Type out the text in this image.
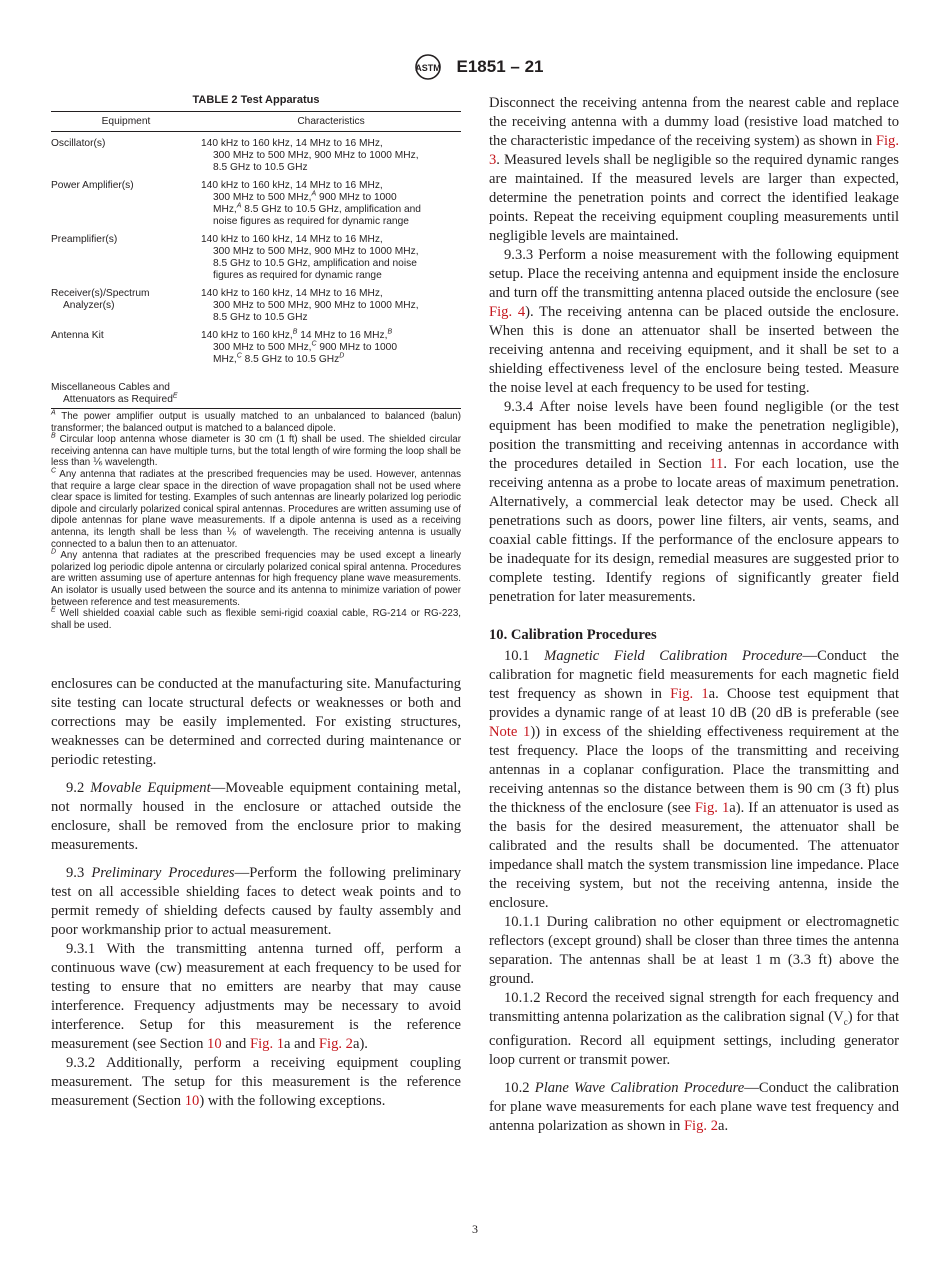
ASTM E1851 – 21
TABLE 2 Test Apparatus
Equipment	Characteristics
Oscillator(s)	140 kHz to 160 kHz, 14 MHz to 16 MHz,
300 MHz to 500 MHz, 900 MHz to 1000 MHz,
8.5 GHz to 10.5 GHz

Power Amplifier(s)	140 kHz to 160 kHz, 14 MHz to 16 MHz,
300 MHz to 500 MHz,$^A$ 900 MHz to 1000
MHz,$^A$ 8.5 GHz to 10.5 GHz, amplification and
noise figures as required for dynamic range

Preamplifier(s)	140 kHz to 160 kHz, 14 MHz to 16 MHz,
300 MHz to 500 MHz, 900 MHz to 1000 MHz,
8.5 GHz to 10.5 GHz, amplification and noise
figures as required for dynamic range

Receiver(s)/Spectrum
Analyzer(s)	140 kHz to 160 kHz, 14 MHz to 16 MHz,
300 MHz to 500 MHz, 900 MHz to 1000 MHz,
8.5 GHz to 10.5 GHz

Antenna Kit	140 kHz to 160 kHz,$^B$ 14 MHz to 16 MHz,$^B$
300 MHz to 500 MHz,$^C$ 900 MHz to 1000
MHz,$^C$ 8.5 GHz to 10.5 GHz$^D$

Miscellaneous Cables and
Attenuators as Required$^E$

$^A$ The power amplifier output is usually matched to an unbalanced to balanced (balun) transformer; the balanced output is matched to a balanced dipole.

$^B$ Circular loop antenna whose diameter is 30 cm (1 ft) shall be used. The shielded circular receiving antenna can have multiple turns, but the total length of wire forming the loop shall be less than ⅙ wavelength.

$^C$ Any antenna that radiates at the prescribed frequencies may be used. However, antennas that require a large clear space in the direction of wave propagation shall not be used where clear space is limited for testing. Examples of such antennas are linearly polarized log periodic dipole and circularly polarized conical spiral antennas. Procedures are written assuming use of dipole antennas for plane wave measurements. If a dipole antenna is used as a receiving antenna, its length shall be less than ⅙ of wavelength. The receiving antenna is usually connected to a balun then to an attenuator.

$^D$ Any antenna that radiates at the prescribed frequencies may be used except a linearly polarized log periodic dipole antenna or circularly polarized conical spiral antenna. Procedures are written assuming use of aperture antennas for high frequency plane wave measurements. An isolator is usually used between the source and its antenna to minimize variation of power between reference and test measurements.

$^E$ Well shielded coaxial cable such as flexible semi-rigid coaxial cable, RG-214 or RG-223, shall be used.

enclosures can be conducted at the manufacturing site. Manufacturing site testing can locate structural defects or weaknesses or both and corrections may be easily implemented. For existing structures, weaknesses can be determined and corrected during maintenance or periodic retesting.

9.2 Movable Equipment—Moveable equipment containing metal, not normally housed in the enclosure or attached outside the enclosure, shall be removed from the enclosure prior to making measurements.

9.3 Preliminary Procedures—Perform the following preliminary test on all accessible shielding faces to detect weak points and to permit remedy of shielding defects caused by faulty assembly and poor workmanship prior to actual measurement.

9.3.1 With the transmitting antenna turned off, perform a continuous wave (cw) measurement at each frequency to be used for testing to ensure that no emitters are nearby that may cause interference. Frequency adjustments may be necessary to avoid interference. Setup for this measurement is the reference measurement (see Section 10 and Fig. 1a and Fig. 2a).

9.3.2 Additionally, perform a receiving equipment coupling measurement. The setup for this measurement is the reference measurement (Section 10) with the following exceptions.

Disconnect the receiving antenna from the nearest cable and replace the receiving antenna with a dummy load (resistive load matched to the characteristic impedance of the receiving system) as shown in Fig. 3. Measured levels shall be negligible so the required dynamic ranges are maintained. If the measured levels are larger than expected, determine the penetration points and correct the identified leakage points. Repeat the receiving equipment coupling measurements until negligible levels are maintained.

9.3.3 Perform a noise measurement with the following equipment setup. Place the receiving antenna and equipment inside the enclosure and turn off the transmitting antenna placed outside the enclosure (see Fig. 4). The receiving antenna can be placed outside the enclosure. When this is done an attenuator shall be inserted between the receiving antenna and receiving equipment, and it shall be set to a shielding effectiveness level of the enclosure being tested. Measure the noise level at each frequency to be used for testing.

9.3.4 After noise levels have been found negligible (or the test equipment has been modified to make the penetration negligible), position the transmitting and receiving antennas in accordance with the procedures detailed in Section 11. For each location, use the receiving antenna as a probe to locate areas of maximum penetration. Alternatively, a commercial leak detector may be used. Check all penetrations such as doors, power line filters, air vents, seams, and coaxial cable fittings. If the performance of the enclosure appears to be inadequate for its design, remedial measures are suggested prior to complete testing. Identify regions of significantly greater field penetration for later measurements.

10. Calibration Procedures

10.1 Magnetic Field Calibration Procedure—Conduct the calibration for magnetic field measurements for each magnetic field test frequency as shown in Fig. 1a. Choose test equipment that provides a dynamic range of at least 10 dB (20 dB is preferable (see Note 1)) in excess of the shielding effectiveness requirement at the test frequency. Place the loops of the transmitting and receiving antennas in a coplanar configuration. Place the transmitting and receiving antennas so the distance between them is 90 cm (3 ft) plus the thickness of the enclosure (see Fig. 1a). If an attenuator is used as the basis for the desired measurement, the attenuator shall be calibrated and the results shall be documented. The attenuator impedance shall match the system transmission line impedance. Place the receiving system, but not the receiving antenna, inside the enclosure.

10.1.1 During calibration no other equipment or electromagnetic reflectors (except ground) shall be closer than three times the antenna separation. The antennas shall be at least 1 m (3.3 ft) above the ground.

10.1.2 Record the received signal strength for each frequency and transmitting antenna polarization as the calibration signal $(V_c)$ for that configuration. Record all equipment settings, including generator loop current or transmit power.

10.2 Plane Wave Calibration Procedure—Conduct the calibration for plane wave measurements for each plane wave test frequency and antenna polarization as shown in Fig. 2a.

3
